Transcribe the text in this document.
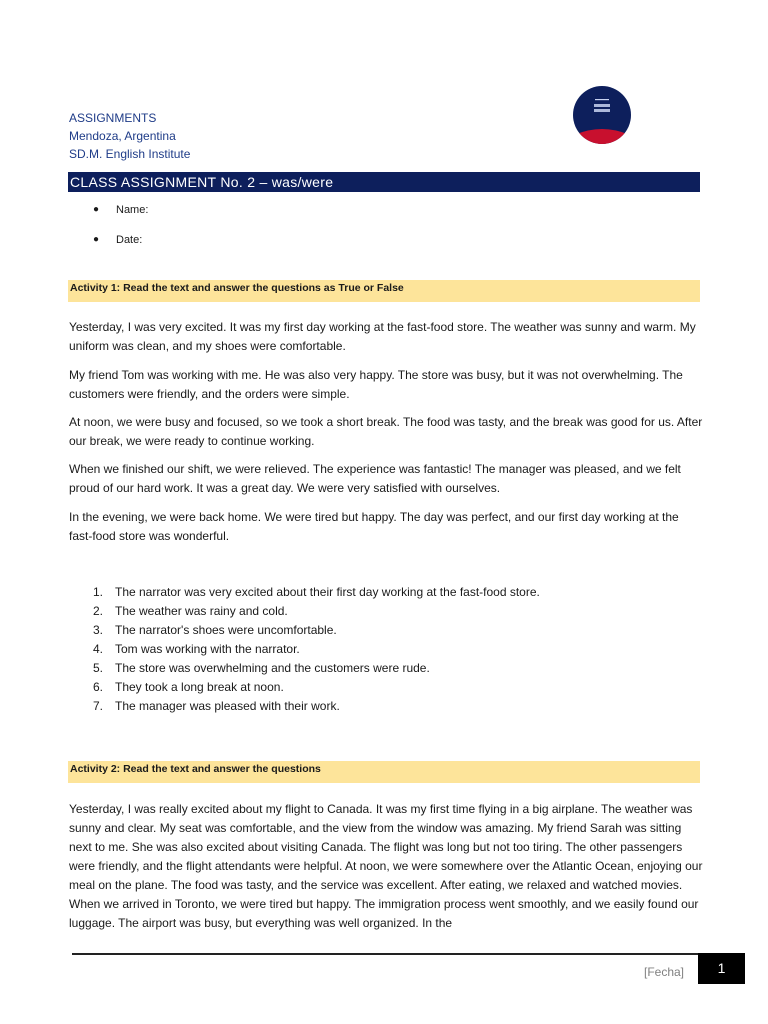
ASSIGNMENTS
Mendoza, Argentina
SD.M. English Institute
CLASS ASSIGNMENT No. 2 – was/were
●	Name:
●	Date:
Activity 1: Read the text and answer the questions as True or False
Yesterday, I was very excited. It was my first day working at the fast-food store. The weather was sunny and warm. My uniform was clean, and my shoes were comfortable.
My friend Tom was working with me. He was also very happy. The store was busy, but it was not overwhelming. The customers were friendly, and the orders were simple.
At noon, we were busy and focused, so we took a short break. The food was tasty, and the break was good for us. After our break, we were ready to continue working.
When we finished our shift, we were relieved. The experience was fantastic! The manager was pleased, and we felt proud of our hard work. It was a great day. We were very satisfied with ourselves.
In the evening, we were back home. We were tired but happy. The day was perfect, and our first day working at the fast-food store was wonderful.
1. The narrator was very excited about their first day working at the fast-food store.
2. The weather was rainy and cold.
3. The narrator's shoes were uncomfortable.
4. Tom was working with the narrator.
5. The store was overwhelming and the customers were rude.
6. They took a long break at noon.
7. The manager was pleased with their work.
Activity 2: Read the text and answer the questions
Yesterday, I was really excited about my flight to Canada. It was my first time flying in a big airplane. The weather was sunny and clear. My seat was comfortable, and the view from the window was amazing. My friend Sarah was sitting next to me. She was also excited about visiting Canada. The flight was long but not too tiring. The other passengers were friendly, and the flight attendants were helpful. At noon, we were somewhere over the Atlantic Ocean, enjoying our meal on the plane. The food was tasty, and the service was excellent. After eating, we relaxed and watched movies. When we arrived in Toronto, we were tired but happy. The immigration process went smoothly, and we easily found our luggage. The airport was busy, but everything was well organized. In the
[Fecha]	1
